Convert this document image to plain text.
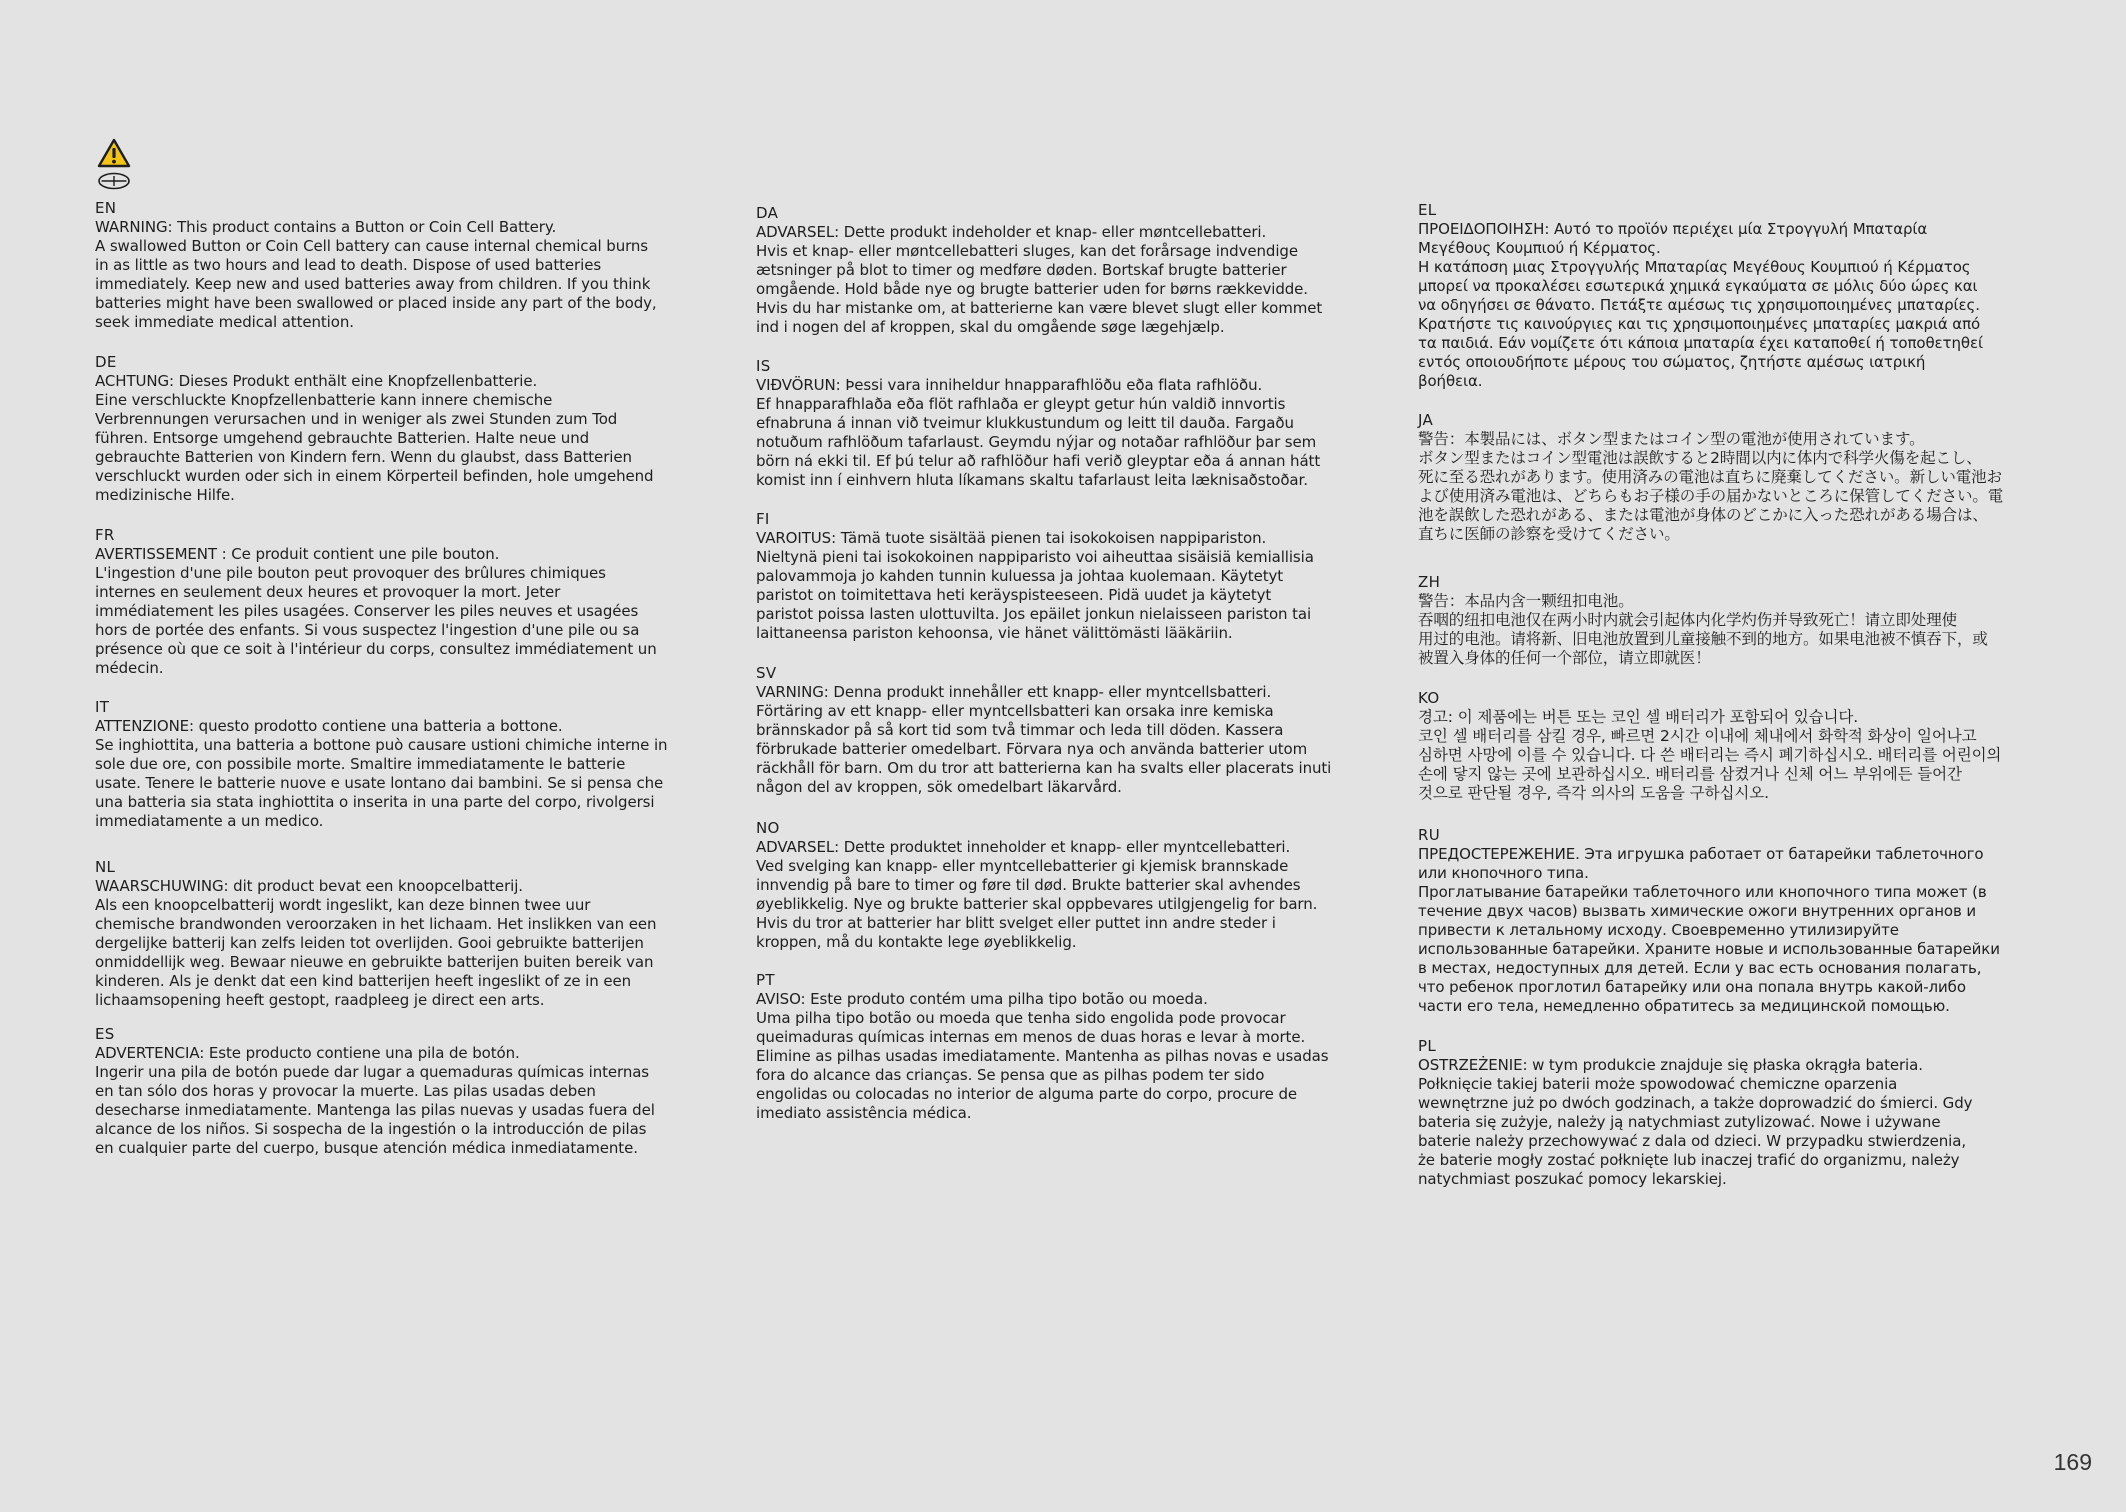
EN
WARNING: This product contains a Button or Coin Cell Battery.
A swallowed Button or Coin Cell battery can cause internal chemical burns
in as little as two hours and lead to death. Dispose of used batteries
immediately. Keep new and used batteries away from children. If you think
batteries might have been swallowed or placed inside any part of the body,
seek immediate medical attention.
DE
ACHTUNG: Dieses Produkt enthält eine Knopfzellenbatterie.
Eine verschluckte Knopfzellenbatterie kann innere chemische
Verbrennungen verursachen und in weniger als zwei Stunden zum Tod
führen. Entsorge umgehend gebrauchte Batterien. Halte neue und
gebrauchte Batterien von Kindern fern. Wenn du glaubst, dass Batterien
verschluckt wurden oder sich in einem Körperteil befinden, hole umgehend
medizinische Hilfe.
FR
AVERTISSEMENT : Ce produit contient une pile bouton.
L'ingestion d'une pile bouton peut provoquer des brûlures chimiques
internes en seulement deux heures et provoquer la mort. Jeter
immédiatement les piles usagées. Conserver les piles neuves et usagées
hors de portée des enfants. Si vous suspectez l'ingestion d'une pile ou sa
présence où que ce soit à l'intérieur du corps, consultez immédiatement un
médecin.
IT
ATTENZIONE: questo prodotto contiene una batteria a bottone.
Se inghiottita, una batteria a bottone può causare ustioni chimiche interne in
sole due ore, con possibile morte. Smaltire immediatamente le batterie
usate. Tenere le batterie nuove e usate lontano dai bambini. Se si pensa che
una batteria sia stata inghiottita o inserita in una parte del corpo, rivolgersi
immediatamente a un medico.
NL
WAARSCHUWING: dit product bevat een knoopcelbatterij.
Als een knoopcelbatterij wordt ingeslikt, kan deze binnen twee uur
chemische brandwonden veroorzaken in het lichaam. Het inslikken van een
dergelijke batterij kan zelfs leiden tot overlijden. Gooi gebruikte batterijen
onmiddellijk weg. Bewaar nieuwe en gebruikte batterijen buiten bereik van
kinderen. Als je denkt dat een kind batterijen heeft ingeslikt of ze in een
lichaamsopening heeft gestopt, raadpleeg je direct een arts.
ES
ADVERTENCIA: Este producto contiene una pila de botón.
Ingerir una pila de botón puede dar lugar a quemaduras químicas internas
en tan sólo dos horas y provocar la muerte. Las pilas usadas deben
desecharse inmediatamente. Mantenga las pilas nuevas y usadas fuera del
alcance de los niños. Si sospecha de la ingestión o la introducción de pilas
en cualquier parte del cuerpo, busque atención médica inmediatamente.
DA
ADVARSEL: Dette produkt indeholder et knap- eller møntcellebatteri.
Hvis et knap- eller møntcellebatteri sluges, kan det forårsage indvendige
ætsninger på blot to timer og medføre døden. Bortskaf brugte batterier
omgående. Hold både nye og brugte batterier uden for børns rækkevidde.
Hvis du har mistanke om, at batterierne kan være blevet slugt eller kommet
ind i nogen del af kroppen, skal du omgående søge lægehjælp.
IS
VIÐVÖRUN: Þessi vara inniheldur hnapparafhlöðu eða flata rafhlöðu.
Ef hnapparafhlaða eða flöt rafhlaða er gleypt getur hún valdið innvortis
efnabruna á innan við tveimur klukkustundum og leitt til dauða. Fargaðu
notuðum rafhlöðum tafarlaust. Geymdu nýjar og notaðar rafhlöður þar sem
börn ná ekki til. Ef þú telur að rafhlöður hafi verið gleyptar eða á annan hátt
komist inn í einhvern hluta líkamans skaltu tafarlaust leita læknisaðstoðar.
FI
VAROITUS: Tämä tuote sisältää pienen tai isokokoisen nappipariston.
Nieltynä pieni tai isokokoinen nappiparisto voi aiheuttaa sisäisiä kemiallisia
palovammoja jo kahden tunnin kuluessa ja johtaa kuolemaan. Käytetyt
paristot on toimitettava heti keräyspisteeseen. Pidä uudet ja käytetyt
paristot poissa lasten ulottuvilta. Jos epäilet jonkun nielaisseen pariston tai
laittaneensa pariston kehoonsa, vie hänet välittömästi lääkäriin.
SV
VARNING: Denna produkt innehåller ett knapp- eller myntcellsbatteri.
Förtäring av ett knapp- eller myntcellsbatteri kan orsaka inre kemiska
brännskador på så kort tid som två timmar och leda till döden. Kassera
förbrukade batterier omedelbart. Förvara nya och använda batterier utom
räckhåll för barn. Om du tror att batterierna kan ha svalts eller placerats inuti
någon del av kroppen, sök omedelbart läkarvård.
NO
ADVARSEL: Dette produktet inneholder et knapp- eller myntcellebatteri.
Ved svelging kan knapp- eller myntcellebatterier gi kjemisk brannskade
innvendig på bare to timer og føre til død. Brukte batterier skal avhendes
øyeblikkelig. Nye og brukte batterier skal oppbevares utilgjengelig for barn.
Hvis du tror at batterier har blitt svelget eller puttet inn andre steder i
kroppen, må du kontakte lege øyeblikkelig.
PT
AVISO: Este produto contém uma pilha tipo botão ou moeda.
Uma pilha tipo botão ou moeda que tenha sido engolida pode provocar
queimaduras químicas internas em menos de duas horas e levar à morte.
Elimine as pilhas usadas imediatamente. Mantenha as pilhas novas e usadas
fora do alcance das crianças. Se pensa que as pilhas podem ter sido
engolidas ou colocadas no interior de alguma parte do corpo, procure de
imediato assistência médica.
EL
ΠΡΟΕΙΔΟΠΟΙΗΣΗ: Αυτό το προϊόν περιέχει μία Στρογγυλή Μπαταρία
Μεγέθους Κουμπιού ή Κέρματος.
Η κατάποση μιας Στρογγυλής Μπαταρίας Μεγέθους Κουμπιού ή Κέρματος
μπορεί να προκαλέσει εσωτερικά χημικά εγκαύματα σε μόλις δύο ώρες και
να οδηγήσει σε θάνατο. Πετάξτε αμέσως τις χρησιμοποιημένες μπαταρίες.
Κρατήστε τις καινούργιες και τις χρησιμοποιημένες μπαταρίες μακριά από
τα παιδιά. Εάν νομίζετε ότι κάποια μπαταρία έχει καταποθεί ή τοποθετηθεί
εντός οποιουδήποτε μέρους του σώματος, ζητήστε αμέσως ιατρική
βοήθεια.
JA
警告：本製品には、ボタン型またはコイン型の電池が使用されています。
ボタン型またはコイン型電池は誤飲すると2時間以内に体内で科学火傷を起こし、
死に至る恐れがあります。使用済みの電池は直ちに廃棄してください。新しい電池お
よび使用済み電池は、どちらもお子様の手の届かないところに保管してください。電
池を誤飲した恐れがある、または電池が身体のどこかに入った恐れがある場合は、
直ちに医師の診察を受けてください。
ZH
警告：本品内含一颗纽扣电池。
吞咽的纽扣电池仅在两小时内就会引起体内化学灼伤并导致死亡！请立即处理使
用过的电池。请将新、旧电池放置到儿童接触不到的地方。如果电池被不慎吞下，或
被置入身体的任何一个部位，请立即就医！
KO
경고: 이 제품에는 버튼 또는 코인 셀 배터리가 포함되어 있습니다.
코인 셀 배터리를 삼킬 경우, 빠르면 2시간 이내에 체내에서 화학적 화상이 일어나고
심하면 사망에 이를 수 있습니다. 다 쓴 배터리는 즉시 폐기하십시오. 배터리를 어린이의
손에 닿지 않는 곳에 보관하십시오. 배터리를 삼켰거나 신체 어느 부위에든 들어간
것으로 판단될 경우, 즉각 의사의 도움을 구하십시오.
RU
ПРЕДОСТЕРЕЖЕНИЕ. Эта игрушка работает от батарейки таблеточного
или кнопочного типа.
Проглатывание батарейки таблеточного или кнопочного типа может (в
течение двух часов) вызвать химические ожоги внутренних органов и
привести к летальному исходу. Своевременно утилизируйте
использованные батарейки. Храните новые и использованные батарейки
в местах, недоступных для детей. Если у вас есть основания полагать,
что ребенок проглотил батарейку или она попала внутрь какой-либо
части его тела, немедленно обратитесь за медицинской помощью.
PL
OSTRZEŻENIE: w tym produkcie znajduje się płaska okrągła bateria.
Połknięcie takiej baterii może spowodować chemiczne oparzenia
wewnętrzne już po dwóch godzinach, a także doprowadzić do śmierci. Gdy
bateria się zużyje, należy ją natychmiast zutylizować. Nowe i używane
baterie należy przechowywać z dala od dzieci. W przypadku stwierdzenia,
że baterie mogły zostać połknięte lub inaczej trafić do organizmu, należy
natychmiast poszukać pomocy lekarskiej.
169
